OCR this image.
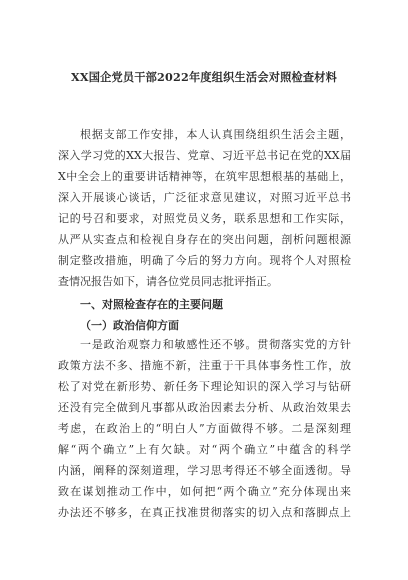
XX国企党员干部2022年度组织生活会对照检查材料
根据支部工作安排，本人认真围绕组织生活会主题，
深入学习党的XX大报告、党章、习近平总书记在党的XX届
X中全会上的重要讲话精神等，在筑牢思想根基的基础上，
深入开展谈心谈话，广泛征求意见建议，对照习近平总书
记的号召和要求，对照党员义务，联系思想和工作实际，
从严从实查点和检视自身存在的突出问题，剖析问题根源
制定整改措施，明确了今后的努力方向。现将个人对照检
查情况报告如下，请各位党员同志批评指正。
一、对照检查存在的主要问题
（一）政治信仰方面
一是政治观察力和敏感性还不够。贯彻落实党的方针
政策方法不多、措施不新，注重于干具体事务性工作，放
松了对党在新形势、新任务下理论知识的深入学习与钻研
还没有完全做到凡事都从政治因素去分析、从政治效果去
考虑，在政治上的“明白人”方面做得不够。二是深刻理
解“两个确立”上有欠缺。对“两个确立”中蕴含的科学
内涵，阐释的深刻道理，学习思考得还不够全面透彻。导
致在谋划推动工作中，如何把“两个确立”充分体现出来
办法还不够多，在真正找准贯彻落实的切入点和落脚点上
